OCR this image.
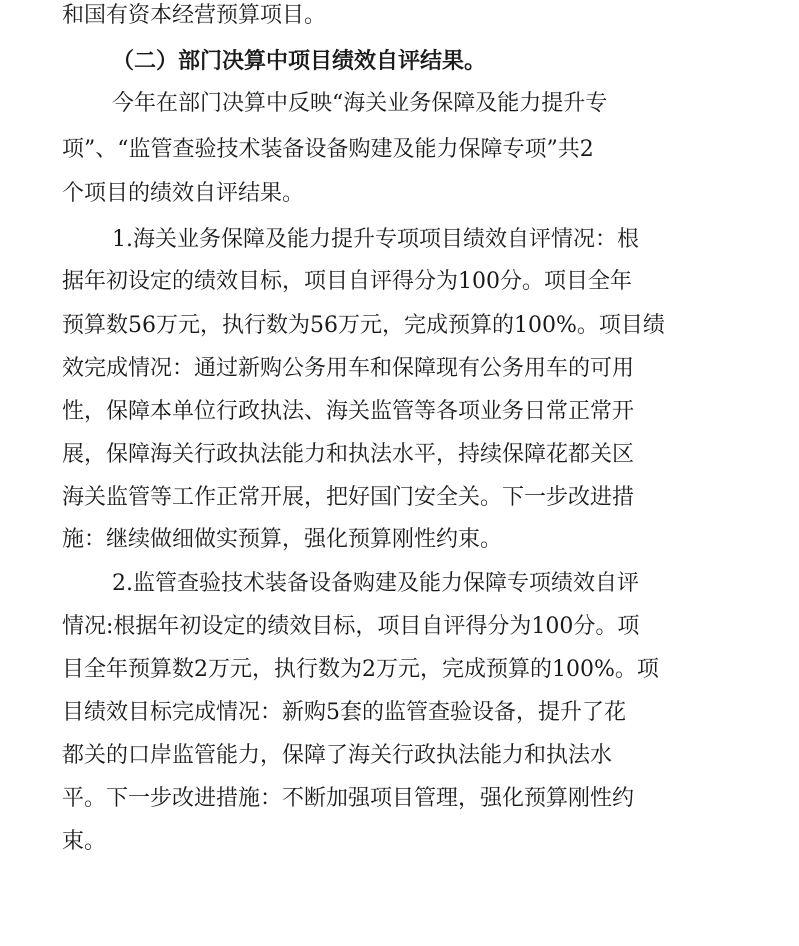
和国有资本经营预算项目。
（二）部门决算中项目绩效自评结果。
今年在部门决算中反映“海关业务保障及能力提升专
项”、“监管查验技术装备设备购建及能力保障专项”共2
个项目的绩效自评结果。
1.海关业务保障及能力提升专项项目绩效自评情况：根
据年初设定的绩效目标，项目自评得分为100分。项目全年
预算数56万元，执行数为56万元，完成预算的100%。项目绩
效完成情况：通过新购公务用车和保障现有公务用车的可用
性，保障本单位行政执法、海关监管等各项业务日常正常开
展，保障海关行政执法能力和执法水平，持续保障花都关区
海关监管等工作正常开展，把好国门安全关。下一步改进措
施：继续做细做实预算，强化预算刚性约束。
2.监管查验技术装备设备购建及能力保障专项绩效自评
情况:根据年初设定的绩效目标，项目自评得分为100分。项
目全年预算数2万元，执行数为2万元，完成预算的100%。项
目绩效目标完成情况：新购5套的监管查验设备，提升了花
都关的口岸监管能力，保障了海关行政执法能力和执法水
平。下一步改进措施：不断加强项目管理，强化预算刚性约
束。
